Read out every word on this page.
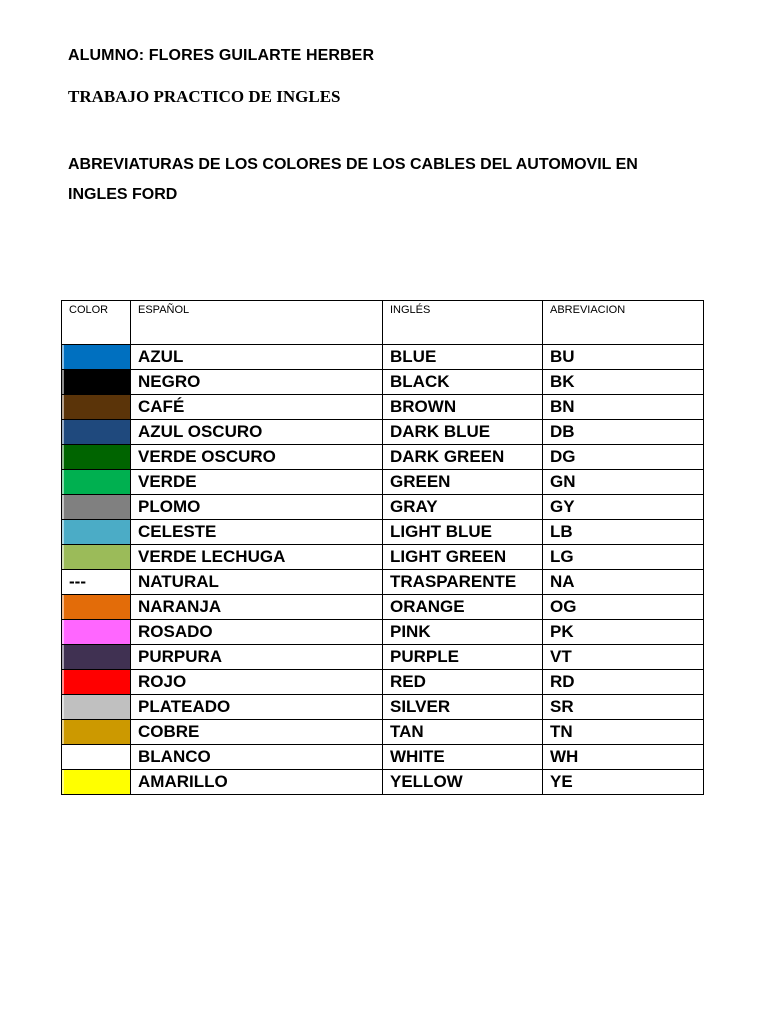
ALUMNO: FLORES GUILARTE HERBER
TRABAJO PRACTICO DE INGLES
ABREVIATURAS DE LOS COLORES DE LOS CABLES DEL AUTOMOVIL EN INGLES FORD
COLOR	ESPAÑOL	INGLÉS	ABREVIACION

	AZUL	BLUE	BU

	NEGRO	BLACK	BK

	CAFÉ	BROWN	BN

	AZUL OSCURO	DARK BLUE	DB

	VERDE OSCURO	DARK GREEN	DG

	VERDE	GREEN	GN

	PLOMO	GRAY	GY

	CELESTE	LIGHT BLUE	LB

	VERDE LECHUGA	LIGHT GREEN	LG

---	NATURAL	TRASPARENTE	NA

	NARANJA	ORANGE	OG

	ROSADO	PINK	PK

	PURPURA	PURPLE	VT

	ROJO	RED	RD

	PLATEADO	SILVER	SR

	COBRE	TAN	TN

	BLANCO	WHITE	WH

	AMARILLO	YELLOW	YE
